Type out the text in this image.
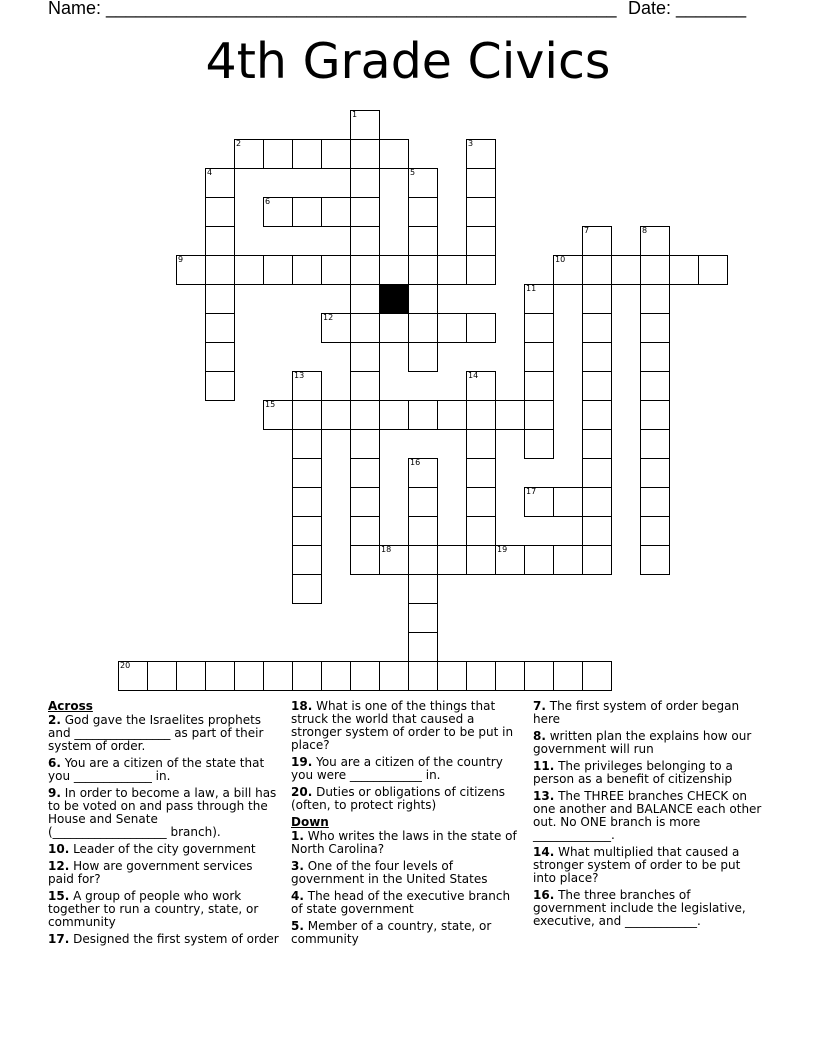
Name: ___________________________________________________ Date: _______
4th Grade Civics
2
6
9	10
12
15
17
18	19
20
1
3
14
4	5
7	8
11
13
16
Across
2. God gave the Israelites prophets and ________________ as part of their system of order.
6. You are a citizen of the state that you _____________ in.
9. In order to become a law, a bill has to be voted on and pass through the House and Senate (___________________ branch).
10. Leader of the city government
12. How are government services paid for?
15. A group of people who work together to run a country, state, or community
17. Designed the first system of order
18. What is one of the things that struck the world that caused a stronger system of order to be put in place?
19. You are a citizen of the country you were ____________ in.
20. Duties or obligations of citizens (often, to protect rights)
Down
1. Who writes the laws in the state of North Carolina?
3. One of the four levels of government in the United States
4. The head of the executive branch of state government
5. Member of a country, state, or community
7. The first system of order began here
8. written plan the explains how our government will run
11. The privileges belonging to a person as a benefit of citizenship
13. The THREE branches CHECK on one another and BALANCE each other out. No ONE branch is more _____________.
14. What multiplied that caused a stronger system of order to be put into place?
16. The three branches of government include the legislative, executive, and ____________.
